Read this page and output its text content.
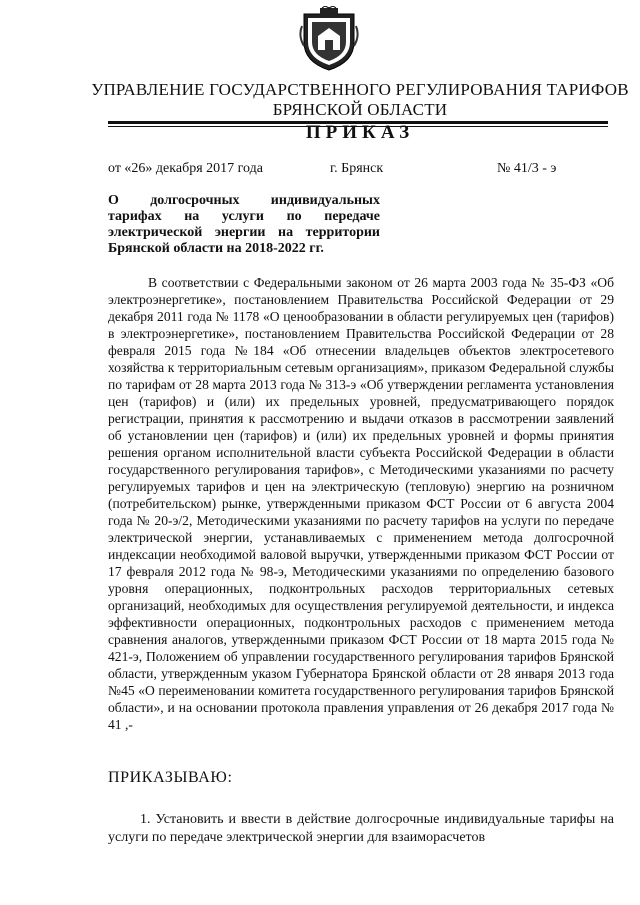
УПРАВЛЕНИЕ ГОСУДАРСТВЕННОГО РЕГУЛИРОВАНИЯ ТАРИФОВ
БРЯНСКОЙ ОБЛАСТИ
ПРИКАЗ
от «26» декабря 2017 года	г. Брянск	№ 41/3 - э
О долгосрочных индивидуальных тарифах на услуги по передаче электрической энергии на территории Брянской области на 2018-2022 гг.
В соответствии с Федеральными законом от 26 марта 2003 года № 35-ФЗ «Об электроэнергетике», постановлением Правительства Российской Федерации от 29 декабря 2011 года № 1178 «О ценообразовании в области регулируемых цен (тарифов) в электроэнергетике», постановлением Правительства Российской Федерации от 28 февраля 2015 года №184 «Об отнесении владельцев объектов электросетевого хозяйства к территориальным сетевым организациям», приказом Федеральной службы по тарифам от 28 марта 2013 года № 313-э «Об утверждении регламента установления цен (тарифов) и (или) их предельных уровней, предусматривающего порядок регистрации, принятия к рассмотрению и выдачи отказов в рассмотрении заявлений об установлении цен (тарифов) и (или) их предельных уровней и формы принятия решения органом исполнительной власти субъекта Российской Федерации в области государственного регулирования тарифов», с Методическими указаниями по расчету регулируемых тарифов и цен на электрическую (тепловую) энергию на розничном (потребительском) рынке, утвержденными приказом ФСТ России от 6 августа 2004 года № 20-э/2, Методическими указаниями по расчету тарифов на услуги по передаче электрической энергии, устанавливаемых с применением метода долгосрочной индексации необходимой валовой выручки, утвержденными приказом ФСТ России от 17 февраля 2012 года № 98-э, Методическими указаниями по определению базового уровня операционных, подконтрольных расходов территориальных сетевых организаций, необходимых для осуществления регулируемой деятельности, и индекса эффективности операционных, подконтрольных расходов с применением метода сравнения аналогов, утвержденными приказом ФСТ России от 18 марта 2015 года № 421-э, Положением об управлении государственного регулирования тарифов Брянской области, утвержденным указом Губернатора Брянской области от 28 января 2013 года №45 «О переименовании комитета государственного регулирования тарифов Брянской области», и на основании протокола правления управления от 26 декабря 2017 года № 41 ,-
ПРИКАЗЫВАЮ:
1. Установить и ввести в действие долгосрочные индивидуальные тарифы на услуги по передаче электрической энергии для взаиморасчетов
